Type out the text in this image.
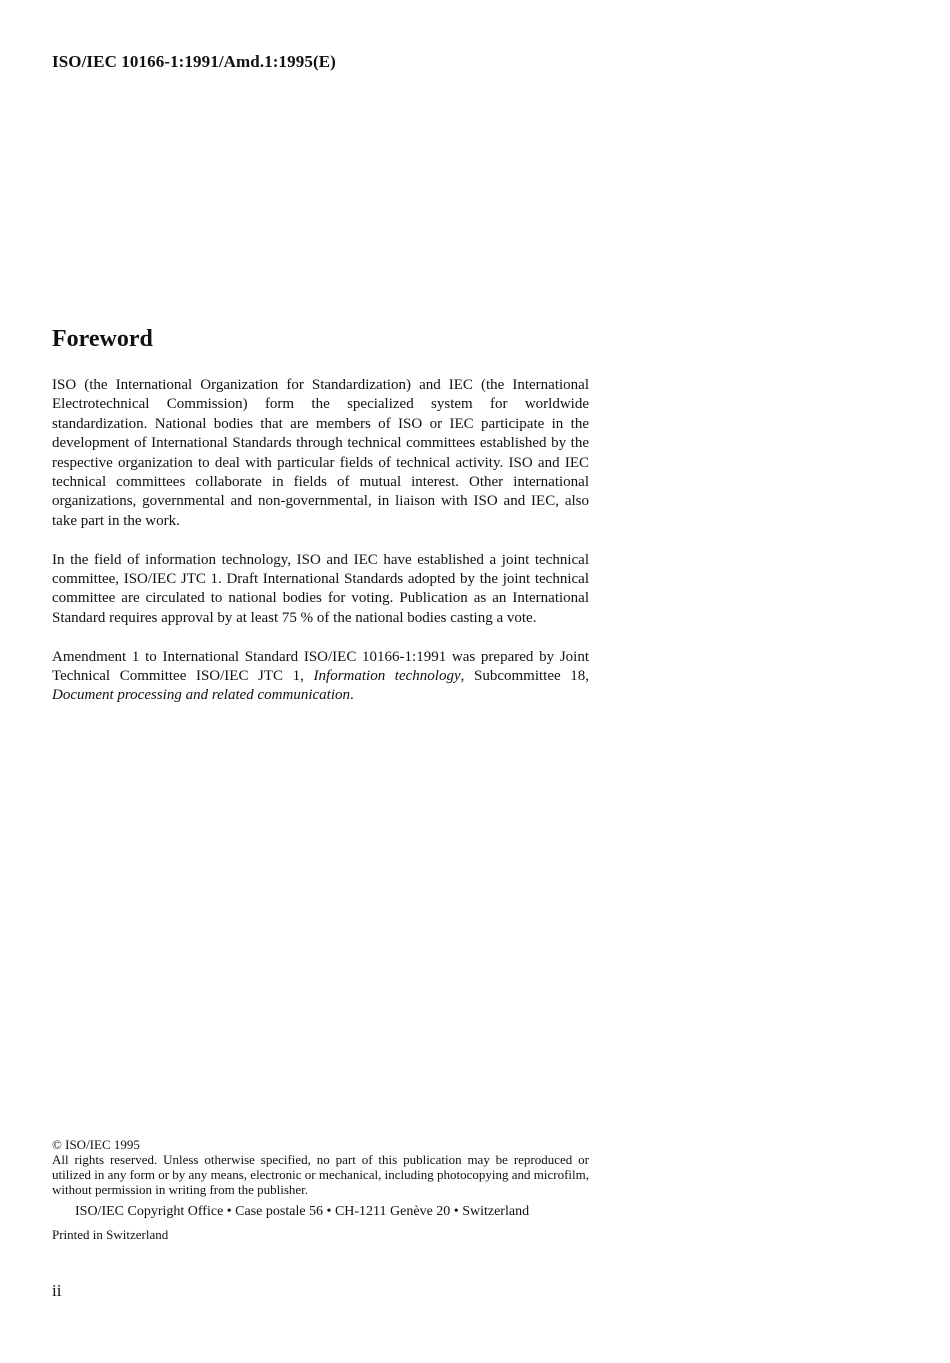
ISO/IEC 10166-1:1991/Amd.1:1995(E)
Foreword

ISO (the International Organization for Standardization) and IEC (the International Electrotechnical Commission) form the specialized system for worldwide standardization. National bodies that are members of ISO or IEC participate in the development of International Standards through technical committees established by the respective organization to deal with particular fields of technical activity. ISO and IEC technical committees collaborate in fields of mutual interest. Other international organizations, governmental and non-governmental, in liaison with ISO and IEC, also take part in the work.

In the field of information technology, ISO and IEC have established a joint technical committee, ISO/IEC JTC 1. Draft International Standards adopted by the joint technical committee are circulated to national bodies for voting. Publication as an International Standard requires approval by at least 75 % of the national bodies casting a vote.

Amendment 1 to International Standard ISO/IEC 10166-1:1991 was prepared by Joint Technical Committee ISO/IEC JTC 1, Information technology, Subcommittee 18, Document processing and related communication.

© ISO/IEC 1995
All rights reserved. Unless otherwise specified, no part of this publication may be reproduced or utilized in any form or by any means, electronic or mechanical, including photocopying and microfilm, without permission in writing from the publisher.
ISO/IEC Copyright Office • Case postale 56 • CH-1211 Genève 20 • Switzerland
Printed in Switzerland
ii
